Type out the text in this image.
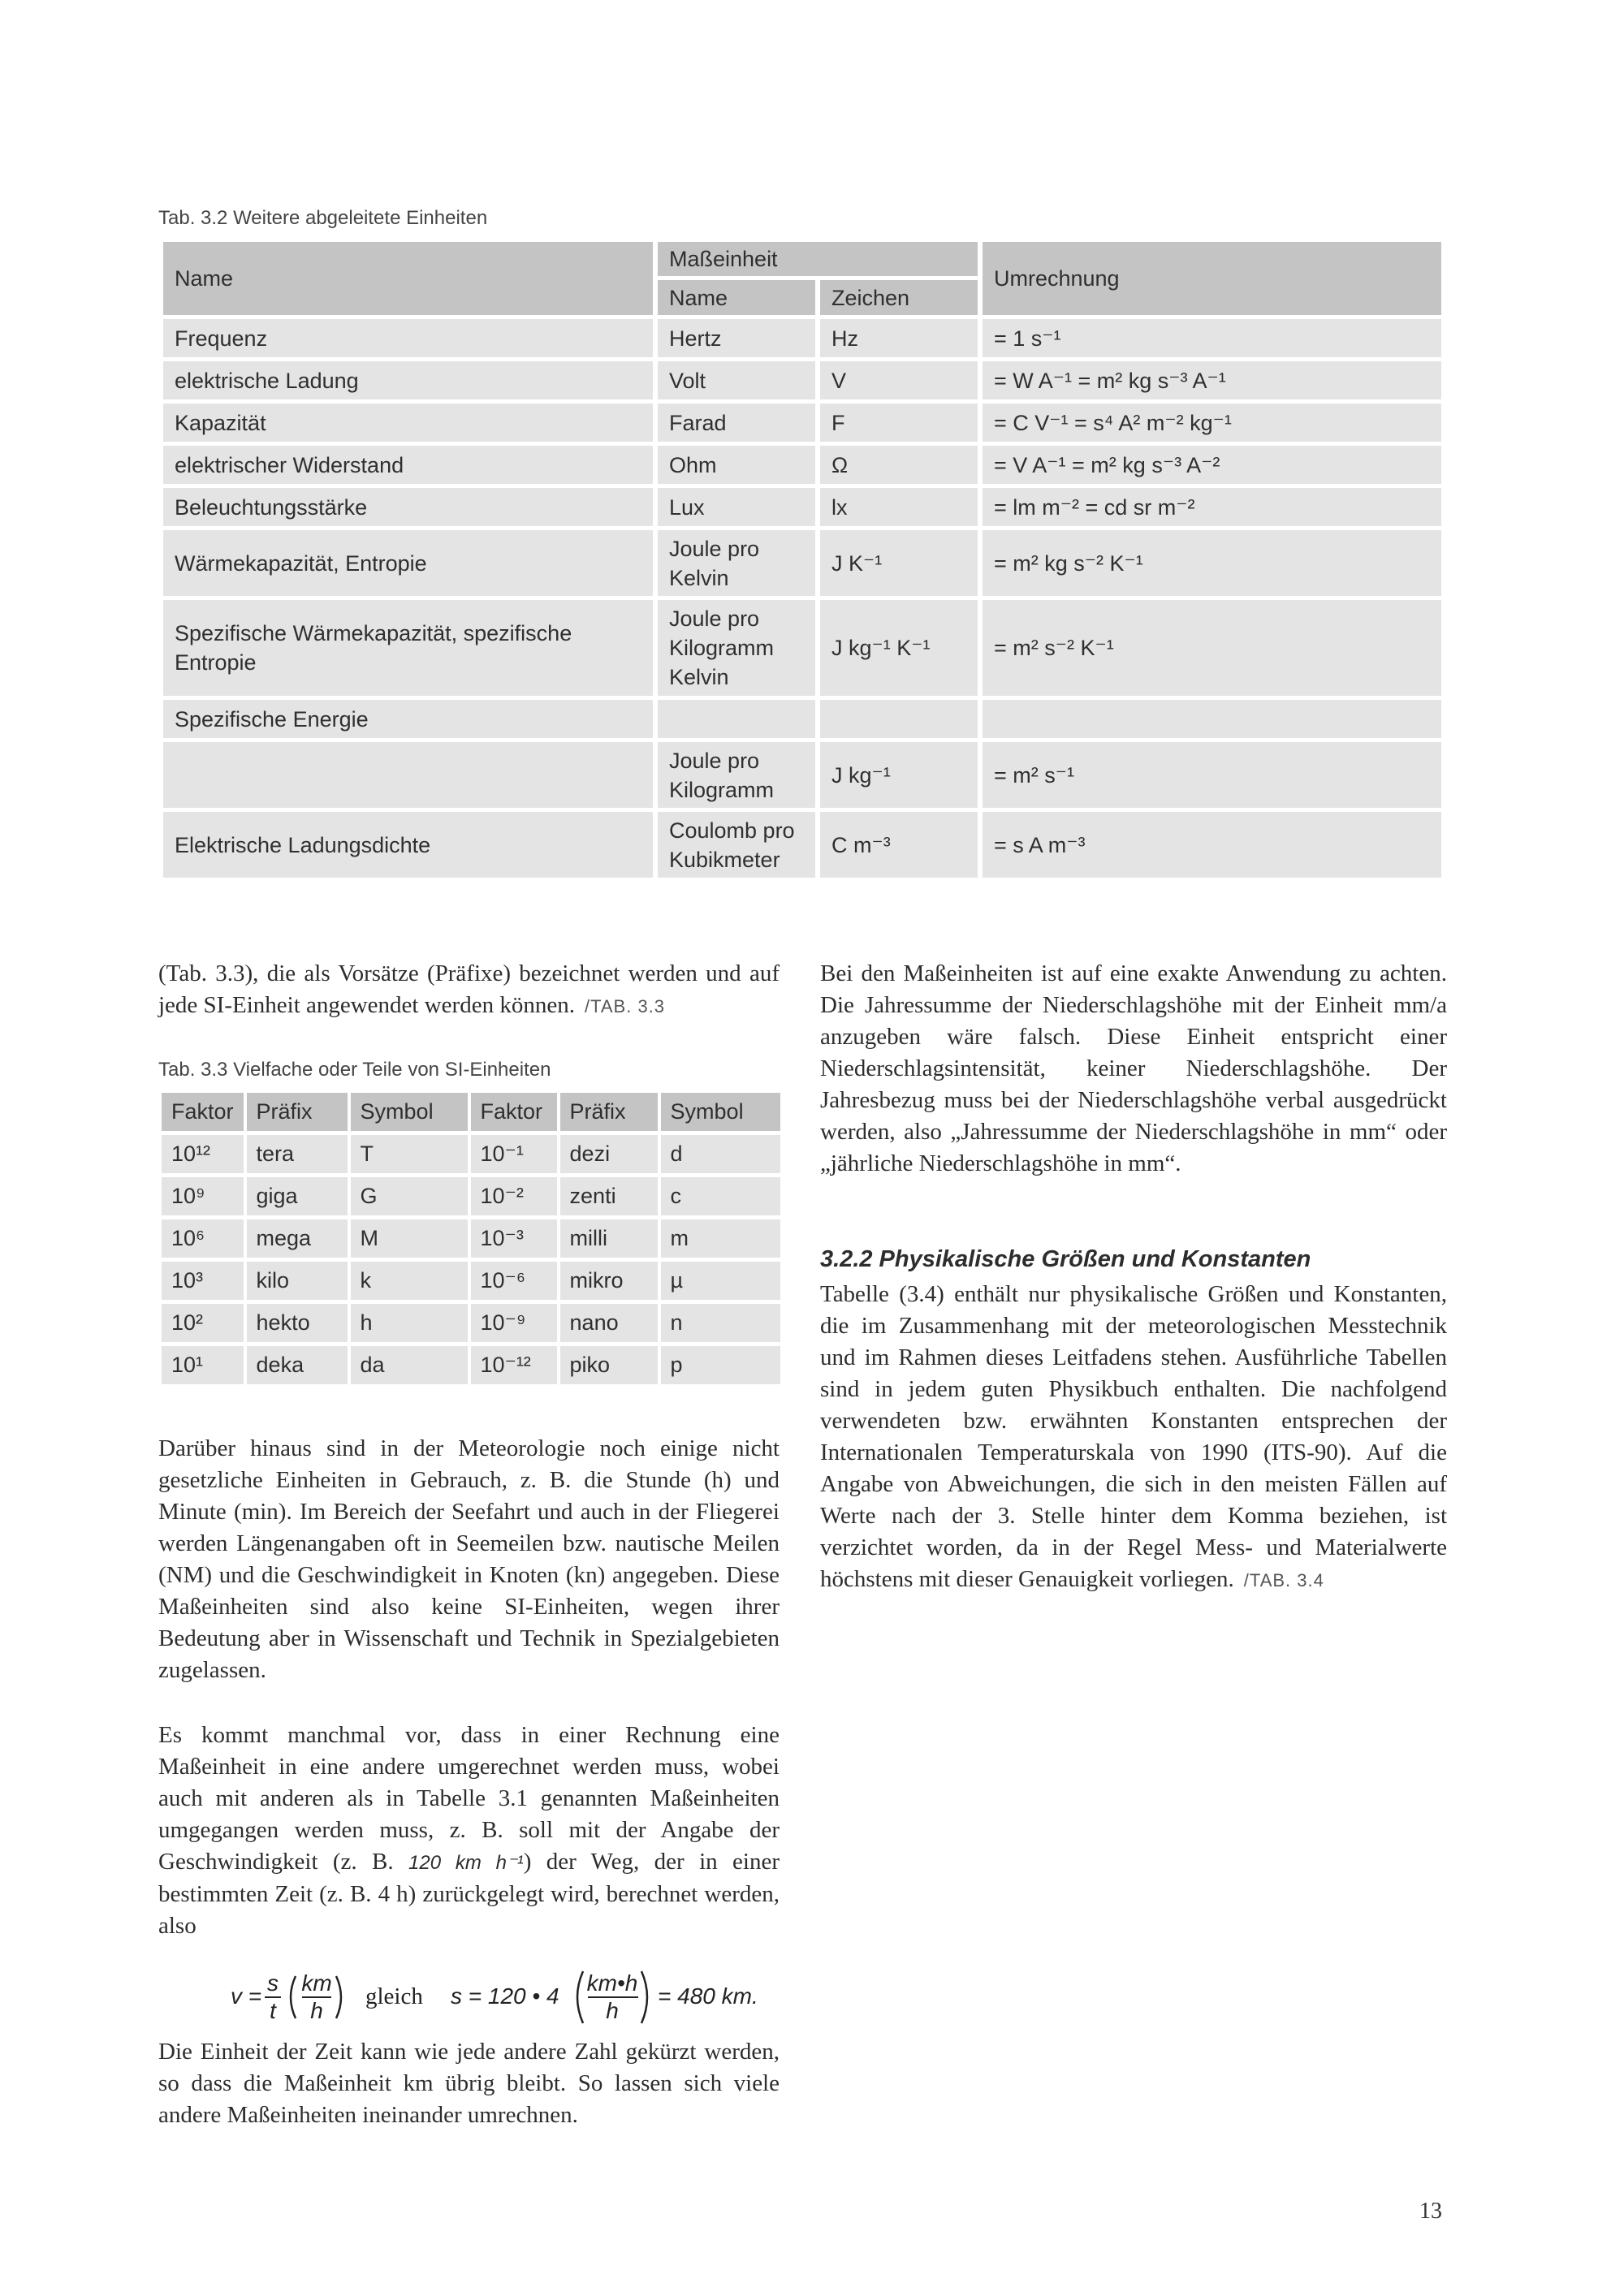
Tab. 3.2 Weitere abgeleitete Einheiten
Name	Maßeinheit		Umrechnung
	Name	Zeichen	
Frequenz	Hertz	Hz	= 1 s⁻¹
elektrische Ladung	Volt	V	= W A⁻¹ = m² kg s⁻³ A⁻¹
Kapazität	Farad	F	= C V⁻¹ = s⁴ A² m⁻² kg⁻¹
elektrischer Widerstand	Ohm	Ω	= V A⁻¹ = m² kg s⁻³ A⁻²
Beleuchtungsstärke	Lux	lx	= lm m⁻² = cd sr m⁻²
Wärmekapazität, Entropie	Joule pro Kelvin	J K⁻¹	= m² kg s⁻² K⁻¹
Spezifische Wärmekapazität, spezifische Entropie	Joule pro Kilogramm Kelvin	J kg⁻¹ K⁻¹	= m² s⁻² K⁻¹
Spezifische Energie			
	Joule pro Kilogramm	J kg⁻¹	= m² s⁻¹
Elektrische Ladungsdichte	Coulomb pro Kubikmeter	C m⁻³	= s A m⁻³
(Tab. 3.3), die als Vorsätze (Präfixe) bezeichnet werden und auf jede SI-Einheit angewendet werden können. /TAB. 3.3
Tab. 3.3 Vielfache oder Teile von SI-Einheiten
Faktor	Präfix	Symbol	Faktor	Präfix	Symbol
10¹²	tera	T	10⁻¹	dezi	d
10⁹	giga	G	10⁻²	zenti	c
10⁶	mega	M	10⁻³	milli	m
10³	kilo	k	10⁻⁶	mikro	µ
10²	hekto	h	10⁻⁹	nano	n
10¹	deka	da	10⁻¹²	piko	p
Darüber hinaus sind in der Meteorologie noch einige nicht gesetzliche Einheiten in Gebrauch, z. B. die Stunde (h) und Minute (min). Im Bereich der Seefahrt und auch in der Fliegerei werden Längenangaben oft in Seemeilen bzw. nautische Meilen (NM) und die Geschwindigkeit in Knoten (kn) angegeben. Diese Maßeinheiten sind also keine SI-Einheiten, wegen ihrer Bedeutung aber in Wissenschaft und Technik in Spezialgebieten zugelassen.
Es kommt manchmal vor, dass in einer Rechnung eine Maßeinheit in eine andere umgerechnet werden muss, wobei auch mit anderen als in Tabelle 3.1 genannten Maßeinheiten umgegangen werden muss, z. B. soll mit der Angabe der Geschwindigkeit (z. B. 120 km h⁻¹) der Weg, der in einer bestimmten Zeit (z. B. 4 h) zurückgelegt wird, berechnet werden, also
v =
s
t
km
h
gleich s = 120 • 4
km•h
h
= 480 km.
Die Einheit der Zeit kann wie jede andere Zahl gekürzt werden, so dass die Maßeinheit km übrig bleibt. So lassen sich viele andere Maßeinheiten ineinander umrechnen.
Bei den Maßeinheiten ist auf eine exakte Anwendung zu achten. Die Jahressumme der Niederschlagshöhe mit der Einheit mm/a anzugeben wäre falsch. Diese Einheit entspricht einer Niederschlagsintensität, keiner Niederschlagshöhe. Der Jahresbezug muss bei der Niederschlagshöhe verbal ausgedrückt werden, also „Jahressumme der Niederschlagshöhe in mm“ oder „jährliche Niederschlagshöhe in mm“.
3.2.2 Physikalische Größen und Konstanten
Tabelle (3.4) enthält nur physikalische Größen und Konstanten, die im Zusammenhang mit der meteorologischen Messtechnik und im Rahmen dieses Leitfadens stehen. Ausführliche Tabellen sind in jedem guten Physikbuch enthalten. Die nachfolgend verwendeten bzw. erwähnten Konstanten entsprechen der Internationalen Temperaturskala von 1990 (ITS-90). Auf die Angabe von Abweichungen, die sich in den meisten Fällen auf Werte nach der 3. Stelle hinter dem Komma beziehen, ist verzichtet worden, da in der Regel Mess- und Materialwerte höchstens mit dieser Genauigkeit vorliegen. /TAB. 3.4
13
